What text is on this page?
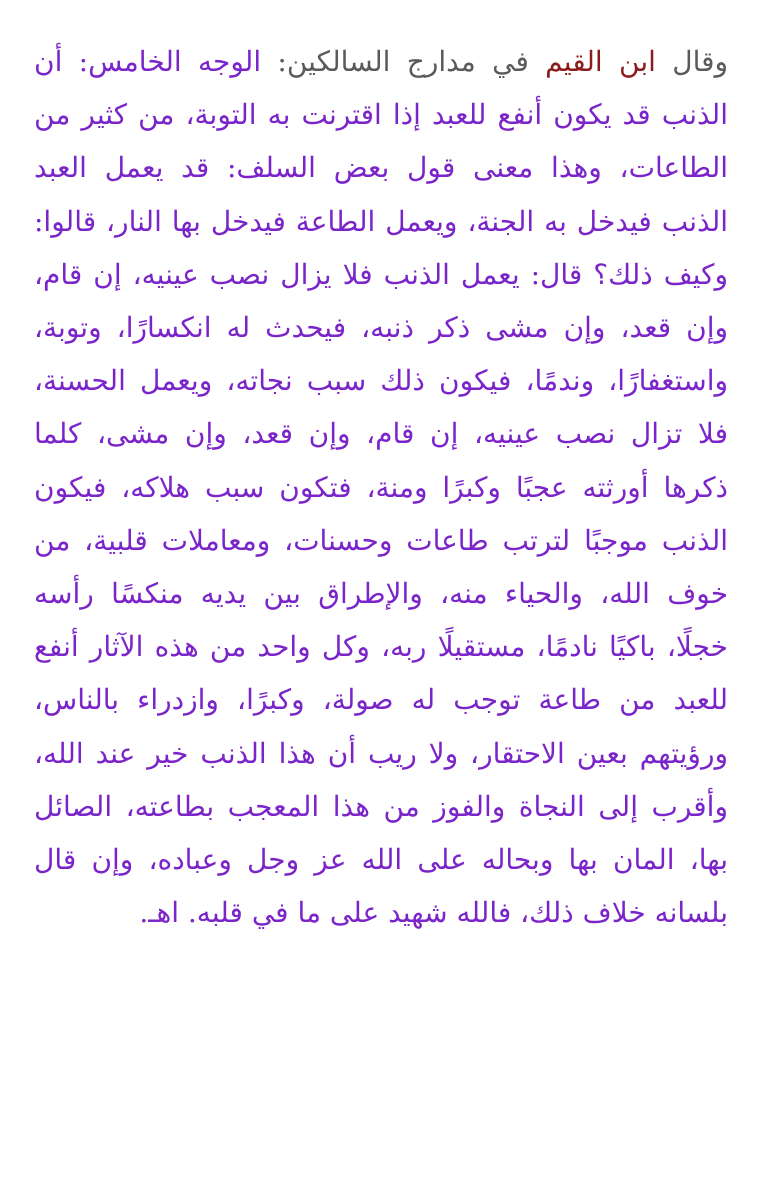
وقال ابن القيم في مدارج السالكين: الوجه الخامس: أن الذنب قد يكون أنفع للعبد إذا اقترنت به التوبة، من كثير من الطاعات، وهذا معنى قول بعض السلف: قد يعمل العبد الذنب فيدخل به الجنة، ويعمل الطاعة فيدخل بها النار، قالوا: وكيف ذلك؟ قال: يعمل الذنب فلا يزال نصب عينيه، إن قام، وإن قعد، وإن مشى ذكر ذنبه، فيحدث له انكسارًا، وتوبة، واستغفارًا، وندمًا، فيكون ذلك سبب نجاته، ويعمل الحسنة، فلا تزال نصب عينيه، إن قام، وإن قعد، وإن مشى، كلما ذكرها أورثته عجبًا وكبرًا ومنة، فتكون سبب هلاكه، فيكون الذنب موجبًا لترتب طاعات وحسنات، ومعاملات قلبية، من خوف الله، والحياء منه، والإطراق بين يديه منكسًا رأسه خجلًا، باكيًا نادمًا، مستقيلًا ربه، وكل واحد من هذه الآثار أنفع للعبد من طاعة توجب له صولة، وكبرًا، وازدراء بالناس، ورؤيتهم بعين الاحتقار، ولا ريب أن هذا الذنب خير عند الله، وأقرب إلى النجاة والفوز من هذا المعجب بطاعته، الصائل بها، المان بها وبحاله على الله عز وجل وعباده، وإن قال بلسانه خلاف ذلك، فالله شهيد على ما في قلبه. اهـ.
